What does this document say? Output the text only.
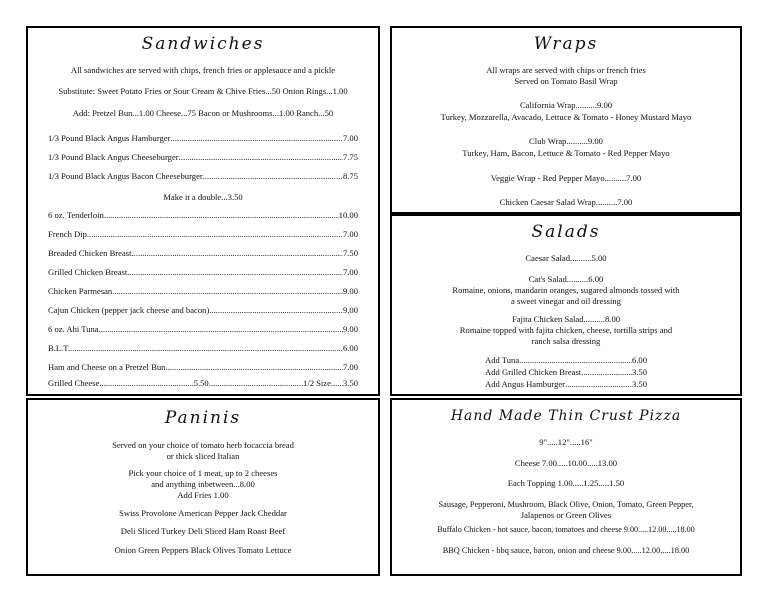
Sandwiches
All sandwiches are served with chips, french fries or applesauce and a pickle
Substitute: Sweet Potato Fries or Sour Cream & Chive Fries...50 Onion Rings...1.00
Add: Pretzel Bun...1.00 Cheese...75 Bacon or Mushrooms...1.00 Ranch...50
1/3 Pound Black Angus Hamburger .....	7.00
1/3 Pound Black Angus Cheeseburger .....	7.75
1/3 Pound Black Angus Bacon Cheeseburger .....	8.75
Make it a double...3.50
6 oz. Tenderloin .....	10.00
French Dip .....	7.00
Breaded Chicken Breast .....	7.50
Grilled Chicken Breast .....	7.00
Chicken Parmesan .....	9.00
Cajun Chicken (pepper jack cheese and bacon) .....	9.00
6 oz. Ahi Tuna .....	9.00
B.L.T. .....	6.00
Ham and Cheese on a Pretzel Bun .....	7.00
Grilled Cheese .....	5.50 .....	1/2 Size ..... 3.50
Paninis
Served on your choice of tomato herb focaccia bread
or thick sliced Italian
Pick your choice of 1 meat, up to 2 cheeses
and anything inbetween...8.00
Add Fries 1.00
Swiss Provolone American Pepper Jack Cheddar
Deli Sliced Turkey Deli Sliced Ham Roast Beef
Onion Green Peppers Black Olives Tomato Lettuce
Wraps
All wraps are served with chips or french fries
Served on Tomato Basil Wrap
California Wrap..........9.00
Turkey, Mozzarella, Avacado, Lettuce & Tomato - Honey Mustard Mayo
Club Wrap..........9.00
Turkey, Ham, Bacon, Lettuce & Tomato - Red Pepper Mayo
Veggie Wrap - Red Pepper Mayo..........7.00
Chicken Caesar Salad Wrap..........7.00
Salads
Caesar Salad..........5.00
Cat's Salad..........6.00
Romaine, onions, mandarin oranges, sugared almonds tossed with
a sweet vinegar and oil dressing
Fajita Chicken Salad..........8.00
Romaine topped with fajita chicken, cheese, tortilla strips and
ranch salsa dressing
Add Tuna .....	6.00
Add Grilled Chicken Breast .....	3.50
Add Angus Hamburger .....	3.50
Hand Made Thin Crust Pizza
9".....12".....16"
Cheese 7.00.....10.00.....13.00
Each Topping 1.00.....1.25.....1.50
Sausage, Pepperoni, Mushroom, Black Olive, Onion, Tomato, Green Pepper,
Jalapenos or Green Olives
Buffalo Chicken - hot sauce, bacon, tomatoes and cheese 9.00.....12.00.....18.00
BBQ Chicken - bbq sauce, bacon, onion and cheese 9.00.....12.00.....18.00
